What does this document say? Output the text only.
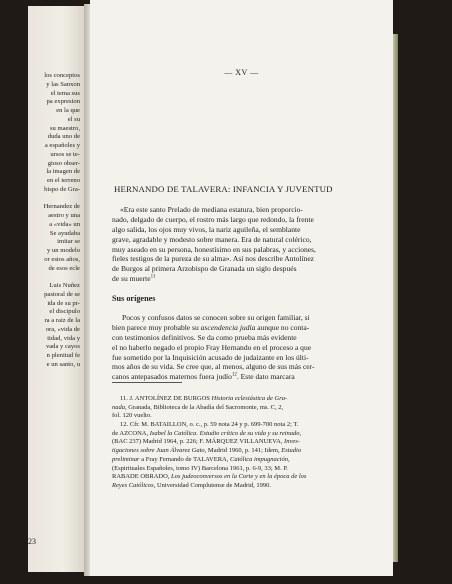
los conceptos
y las Sanxon
el tema sus
pa expresion
en la que
el su
su maestro,
duda uno de
a españoles y
ursos se te-
gioso obser-
la imagen de
en el terreno
bispo de Gra-
Hernandez de
aestro y una
a «vida» un
Se ayudaba
imitar se
y un modelo
or estos años,
de esos ecle
Luis Nuñez
pastoral de se
ida de su pr-
el discipulo
ra a raiz de la
ora, «vida de
tidad, vida y
vada y cayos
n plenitud fe
e un santo, u
23
— XV —
HERNANDO DE TALAVERA: INFANCIA Y JUVENTUD
«Era este santo Prelado de mediana estatura, bien proporcio-
nado, delgado de cuerpo, el rostro más largo que redondo, la frente
algo salida, los ojos muy vivos, la nariz aguileña, el semblante
grave, agradable y modesto sobre manera. Era de natural colérico,
muy aseado en su persona, honestísimo en sus palabras, y acciones,
fieles testigos de la pureza de su alma». Así nos describe Antolínez
de Burgos al primera Arzobispo de Granada un siglo después
de su muerte$^{11}$
Sus orígenes
Pocos y confusos datos se conocen sobre su origen familiar, si
bien parece muy probable su ascendencia judía aunque no conta-
con testimonios definitivos. Se da como prueba más evidente
el no haberlo negado el propio Fray Hernando en el proceso a que
fue sometido por la Inquisición acusado de judaizante en los últi-
mos años de su vida. Se cree que, al menos, alguno de sus más cer-
canos antepasados maternos fuera judío$^{12}$. Este dato marcara
11. J. ANTOLÍNEZ DE BURGOS Historia eclesiástica de Gra-
nada, Granada, Biblioteca de la Abadía del Sacromonte, ms. C, 2,
fol. 120 vuelto.
12. Cfr. M. BATAILLON, o. c., p. 59 nota 24 y p. 699-700 nota 2; T.
de AZCONA, Isabel la Católica. Estudio crítico de su vida y su reinado,
(BAC 237) Madrid 1964, p. 226; F. MÁRQUEZ VILLANUEVA, Inves-
tigaciones sobre Juan Álvarez Gato, Madrid 1960, p. 141; Idem, Estudio
preliminar a Fray Fernando de TALAVERA, Católica impugnación,
(Espirituales Españoles, tomo IV) Barcelona 1961, p. 6-9, 33; M. P.
RABADE OBRADO, Los judeoconversos en la Corte y en la época de los
Reyes Católicos, Universidad Complutense de Madrid, 1990.
